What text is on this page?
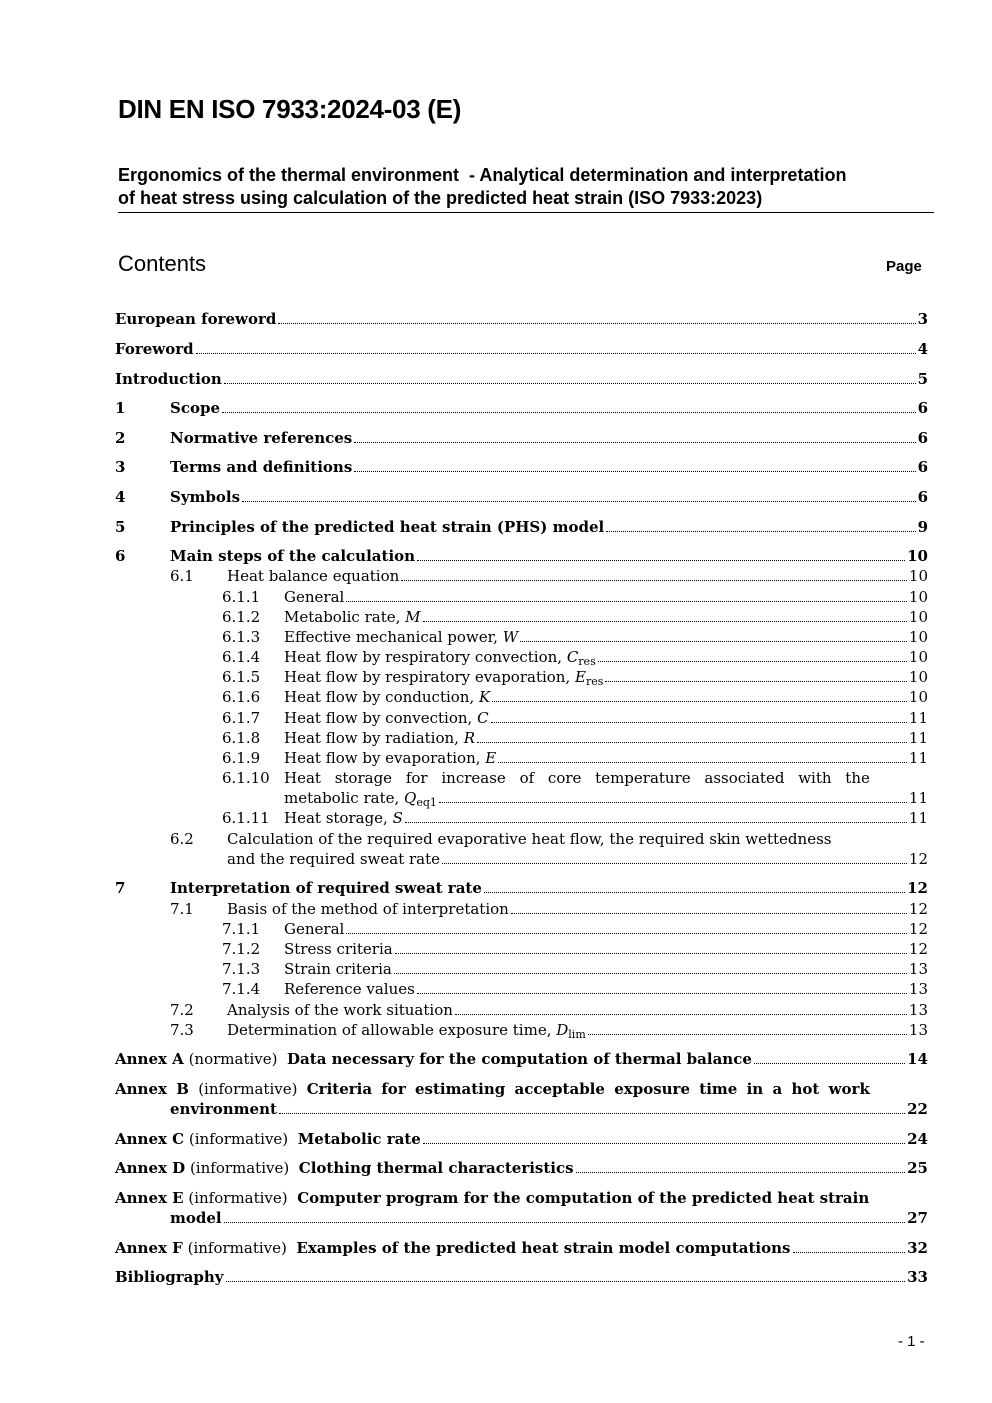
DIN EN ISO 7933:2024-03 (E)
Ergonomics of the thermal environment  - Analytical determination and interpretation
of heat stress using calculation of the predicted heat strain (ISO 7933:2023)
Contents	Page
European foreword	3
Foreword	4
Introduction	5
1	Scope	6
2	Normative references	6
3	Terms and definitions	6
4	Symbols	6
5	Principles of the predicted heat strain (PHS) model	9
6	Main steps of the calculation	10
6.1	Heat balance equation	10
6.1.1	General	10
6.1.2	Metabolic rate, M	10
6.1.3	Effective mechanical power, W	10
6.1.4	Heat flow by respiratory convection, $C_{res}$	10
6.1.5	Heat flow by respiratory evaporation, $E_{res}$	10
6.1.6	Heat flow by conduction, K	10
6.1.7	Heat flow by convection, C	11
6.1.8	Heat flow by radiation, R	11
6.1.9	Heat flow by evaporation, E	11
6.1.10 Heat storage for increase of core temperature associated with the
metabolic rate, $Q_{eq1}$	11
6.1.11 Heat storage, S	11
6.2 Calculation of the required evaporative heat flow, the required skin wettedness
and the required sweat rate	12
7	Interpretation of required sweat rate	12
7.1	Basis of the method of interpretation	12
7.1.1	General	12
7.1.2	Stress criteria	12
7.1.3	Strain criteria	13
7.1.4	Reference values	13
7.2	Analysis of the work situation	13
7.3	Determination of allowable exposure time, $D_{lim}$	13
Annex A (normative) Data necessary for the computation of thermal balance	14
Annex B (informative) Criteria for estimating acceptable exposure time in a hot work
environment	22
Annex C (informative) Metabolic rate	24
Annex D (informative) Clothing thermal characteristics	25
Annex E (informative) Computer program for the computation of the predicted heat strain
model	27
Annex F (informative) Examples of the predicted heat strain model computations	32
Bibliography	33
- 1 -
